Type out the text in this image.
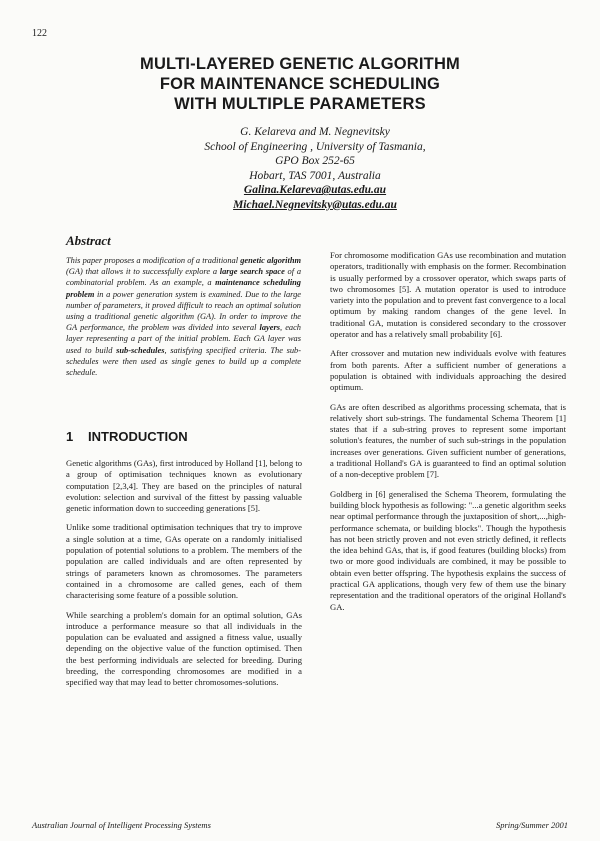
122
MULTI-LAYERED GENETIC ALGORITHM
FOR MAINTENANCE SCHEDULING
WITH MULTIPLE PARAMETERS
G. Kelareva and M. Negnevitsky
School of Engineering , University of Tasmania,
GPO Box 252-65
Hobart, TAS 7001, Australia
Galina.Kelareva@utas.edu.au
Michael.Negnevitsky@utas.edu.au
Abstract
This paper proposes a modification of a traditional genetic algorithm (GA) that allows it to successfully explore a large search space of a combinatorial problem. As an example, a maintenance scheduling problem in a power generation system is examined. Due to the large number of parameters, it proved difficult to reach an optimal solution using a traditional genetic algorithm (GA). In order to improve the GA performance, the problem was divided into several layers, each layer representing a part of the initial problem. Each GA layer was used to build sub-schedules, satisfying specified criteria. The sub-schedules were then used as single genes to build up a complete schedule.
1 INTRODUCTION

Genetic algorithms (GAs), first introduced by Holland [1], belong to a group of optimisation techniques known as evolutionary computation [2,3,4]. They are based on the principles of natural evolution: selection and survival of the fittest by passing valuable genetic information down to succeeding generations [5].

Unlike some traditional optimisation techniques that try to improve a single solution at a time, GAs operate on a randomly initialised population of potential solutions to a problem. The members of the population are called individuals and are often represented by strings of parameters known as chromosomes. The parameters contained in a chromosome are called genes, each of them characterising some feature of a possible solution.

While searching a problem's domain for an optimal solution, GAs introduce a performance measure so that all individuals in the population can be evaluated and assigned a fitness value, usually depending on the objective value of the function optimised. Then the best performing individuals are selected for breeding. During breeding, the corresponding chromosomes are modified in a specified way that may lead to better chromosomes-solutions.

For chromosome modification GAs use recombination and mutation operators, traditionally with emphasis on the former. Recombination is usually performed by a crossover operator, which swaps parts of two chromosomes [5]. A mutation operator is used to introduce variety into the population and to prevent fast convergence to a local optimum by making random changes of the gene level. In traditional GA, mutation is considered secondary to the crossover operator and has a relatively small probability [6].

After crossover and mutation new individuals evolve with features from both parents. After a sufficient number of generations a population is obtained with individuals approaching the desired optimum.

GAs are often described as algorithms processing schemata, that is relatively short sub-strings. The fundamental Schema Theorem [1] states that if a sub-string proves to represent some important solution's features, the number of such sub-strings in the population increases over generations. Given sufficient number of generations, a traditional Holland's GA is guaranteed to find an optimal solution of a non-deceptive problem [7].

Goldberg in [6] generalised the Schema Theorem, formulating the building block hypothesis as following: "...a genetic algorithm seeks near optimal performance through the juxtaposition of short,...,high-performance schemata, or building blocks". Though the hypothesis has not been strictly proven and not even strictly defined, it reflects the idea behind GAs, that is, if good features (building blocks) from two or more good individuals are combined, it may be possible to obtain even better offspring. The hypothesis explains the success of practical GA applications, though very few of them use the binary representation and the traditional operators of the original Holland's GA.

Australian Journal of Intelligent Processing Systems	Spring/Summer 2001
